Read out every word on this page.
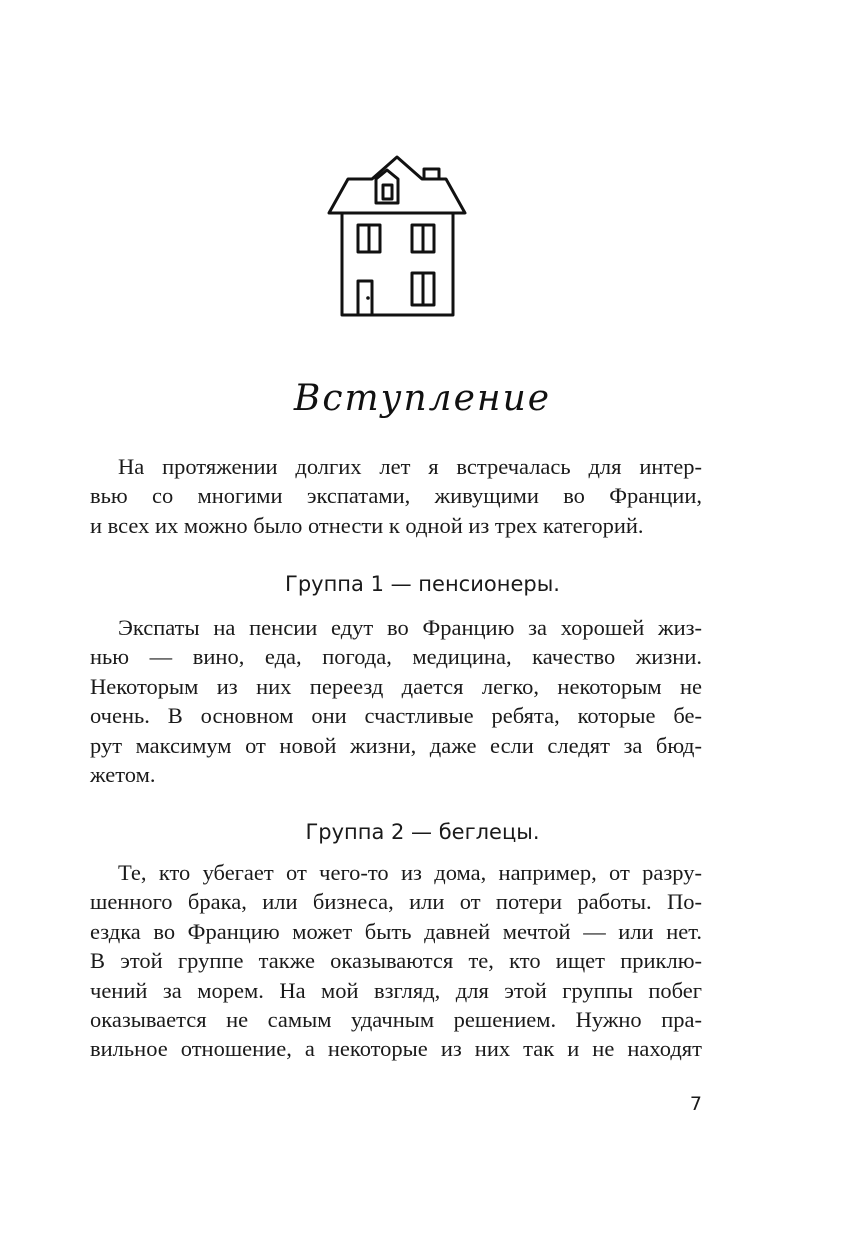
Вступление
На протяжении долгих лет я встречалась для интер-
вью со многими экспатами, живущими во Франции,
и всех их можно было отнести к одной из трех категорий.
Группа 1 — пенсионеры.
Экспаты на пенсии едут во Францию за хорошей жиз-
нью — вино, еда, погода, медицина, качество жизни.
Некоторым из них переезд дается легко, некоторым не
очень. В основном они счастливые ребята, которые бе-
рут максимум от новой жизни, даже если следят за бюд-
жетом.
Группа 2 — беглецы.
Те, кто убегает от чего-то из дома, например, от разру-
шенного брака, или бизнеса, или от потери работы. По-
ездка во Францию может быть давней мечтой — или нет.
В этой группе также оказываются те, кто ищет приклю-
чений за морем. На мой взгляд, для этой группы побег
оказывается не самым удачным решением. Нужно пра-
вильное отношение, а некоторые из них так и не находят
7
